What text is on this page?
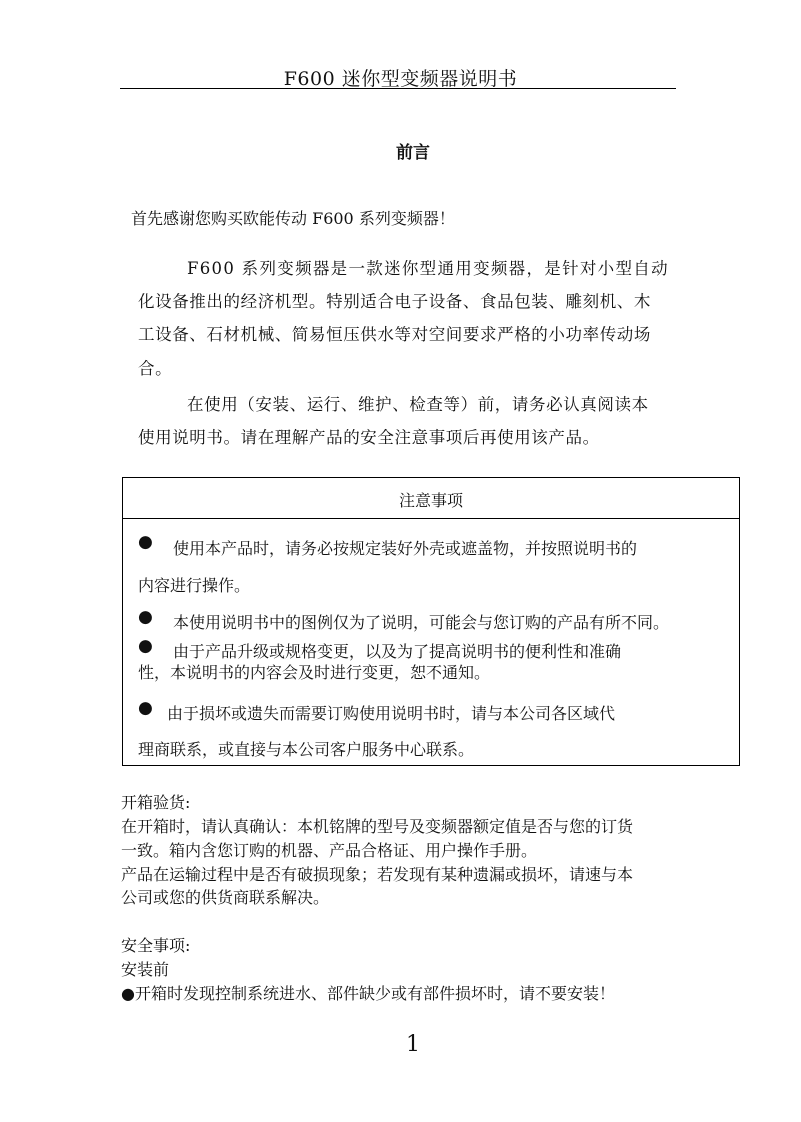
F600 迷你型变频器说明书
前言
首先感谢您购买欧能传动 F600 系列变频器！
F600 系列变频器是一款迷你型通用变频器，是针对小型自动
化设备推出的经济机型。特别适合电子设备、食品包装、雕刻机、木
工设备、石材机械、简易恒压供水等对空间要求严格的小功率传动场
合。
在使用（安装、运行、维护、检查等）前，请务必认真阅读本
使用说明书。请在理解产品的安全注意事项后再使用该产品。
注意事项
● 使用本产品时，请务必按规定装好外壳或遮盖物，并按照说明书的
内容进行操作。
● 本使用说明书中的图例仅为了说明，可能会与您订购的产品有所不同。
● 由于产品升级或规格变更，以及为了提高说明书的便利性和准确
性，本说明书的内容会及时进行变更，恕不通知。
● 由于损坏或遗失而需要订购使用说明书时，请与本公司各区域代
理商联系，或直接与本公司客户服务中心联系。
开箱验货:
在开箱时，请认真确认：本机铭牌的型号及变频器额定值是否与您的订货
一致。箱内含您订购的机器、产品合格证、用户操作手册。
产品在运输过程中是否有破损现象；若发现有某种遗漏或损坏，请速与本
公司或您的供货商联系解决。
安全事项:
安装前
●开箱时发现控制系统进水、部件缺少或有部件损坏时，请不要安装！
1
